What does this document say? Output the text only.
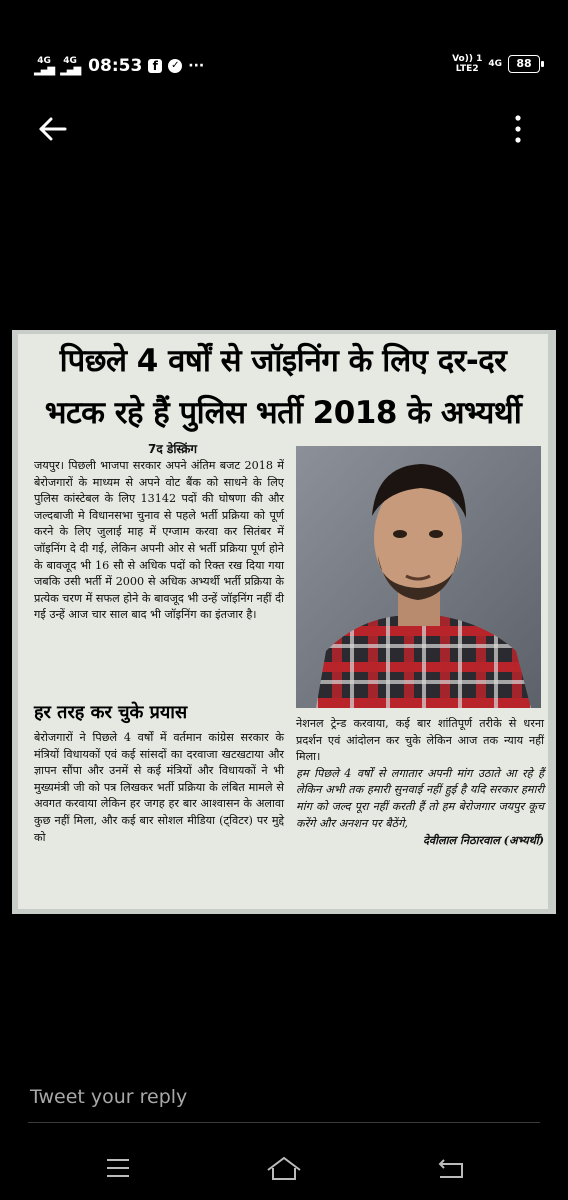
4G
▂▄▆
4G
▂▄▆ 08:53 f	✓ ···	Vo)) 1
LTE2	4G	88
पिछले 4 वर्षों से जॉइनिंग के लिए दर-दर
भटक रहे हैं पुलिस भर्ती 2018 के अभ्यर्थी
7द डेस्क्रिंग
जयपुर। पिछली भाजपा सरकार अपने अंतिम बजट 2018 में बेरोजगारों के माध्यम से अपने वोट बैंक को साधने के लिए पुलिस कांस्टेबल के लिए 13142 पदों की घोषणा की और जल्दबाजी मे विधानसभा चुनाव से पहले भर्ती प्रक्रिया को पूर्ण करने के लिए जुलाई माह में एग्जाम करवा कर सितंबर में जॉइनिंग दे दी गई, लेकिन अपनी ओर से भर्ती प्रक्रिया पूर्ण होने के बावजूद भी 16 सौ से अधिक पदों को रिक्त रख दिया गया जबकि उसी भर्ती में 2000 से अधिक अभ्यर्थी भर्ती प्रक्रिया के प्रत्येक चरण में सफल होने के बावजूद भी उन्हें जॉइनिंग नहीं दी गई उन्हें आज चार साल बाद भी जॉइनिंग का इंतजार है।
हर तरह कर चुके प्रयास
बेरोजगारों ने पिछले 4 वर्षों में वर्तमान कांग्रेस सरकार के मंत्रियों विधायकों एवं कई सांसदों का दरवाजा खटखटाया और ज्ञापन सौंपा और उनमें से कई मंत्रियों और विधायकों ने भी मुख्यमंत्री जी को पत्र लिखकर भर्ती प्रक्रिया के लंबित मामले से अवगत करवाया लेकिन हर जगह हर बार आश्वासन के अलावा कुछ नहीं मिला, और कई बार सोशल मीडिया (ट्विटर) पर मुद्दे को
नेशनल ट्रेन्ड करवाया, कई बार शांतिपूर्ण तरीके से धरना प्रदर्शन एवं आंदोलन कर चुके लेकिन आज तक न्याय नहीं मिला।
हम पिछले 4 वर्षों से लगातार अपनी मांग उठाते आ रहे हैं लेकिन अभी तक हमारी सुनवाई नहीं हुई है यदि सरकार हमारी मांग को जल्द पूरा नहीं करती हैं तो हम बेरोजगार जयपुर कूच करेंगे और अनशन पर बैठेंगे,
देवीलाल निठारवाल (अभ्यर्थी)
Tweet your reply
